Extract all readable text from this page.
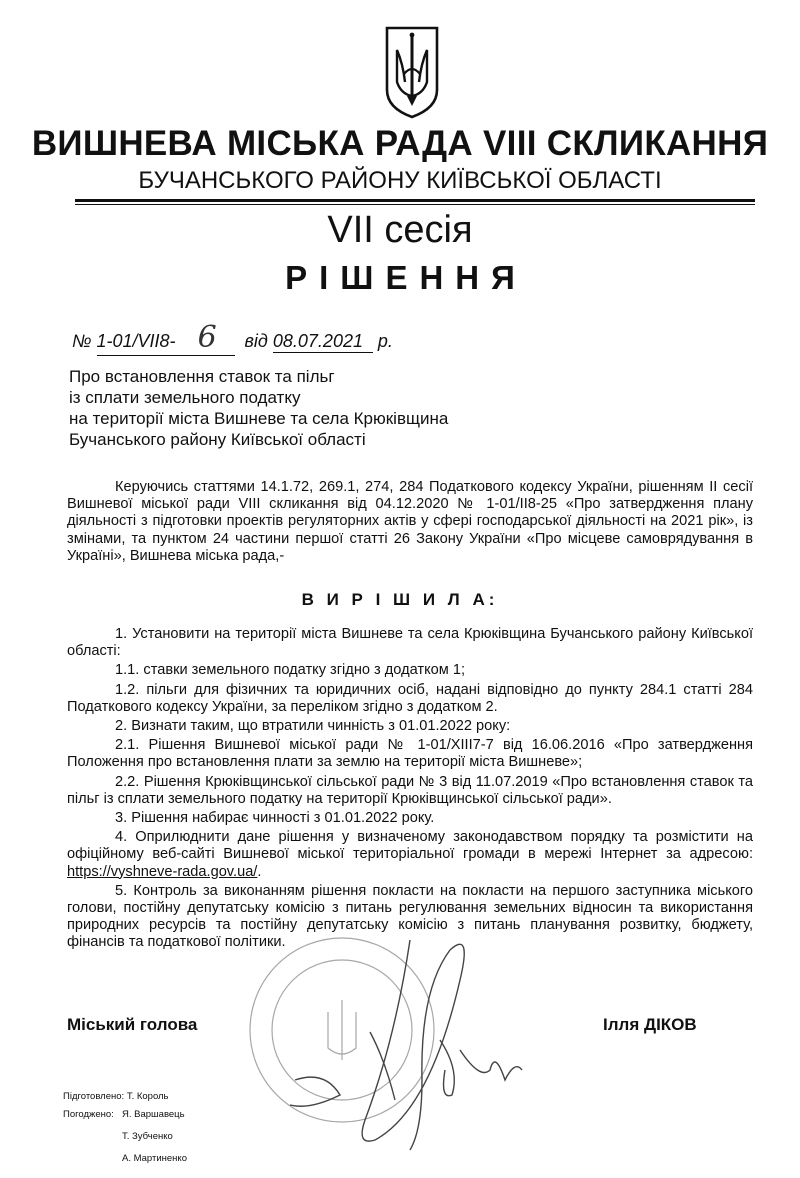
ВИШНЕВА МІСЬКА РАДА VIII СКЛИКАННЯ
БУЧАНСЬКОГО РАЙОНУ КИЇВСЬКОЇ ОБЛАСТІ
VII сесія
РІШЕННЯ
№ 1-01/VII8- 6 від 08.07.2021 р.
Про встановлення ставок та пільг
із сплати земельного податку
на території міста Вишневе та села Крюківщина
Бучанського району Київської області
Керуючись статтями 14.1.72, 269.1, 274, 284 Податкового кодексу України, рішенням ІІ сесії Вишневої міської ради VIII скликання від 04.12.2020 № 1-01/ІІ8-25 «Про затвердження плану діяльності з підготовки проектів регуляторних актів у сфері господарської діяльності на 2021 рік», із змінами, та пунктом 24 частини першої статті 26 Закону України «Про місцеве самоврядування в Україні», Вишнева міська рада,-
В И Р І Ш И Л А:

1. Установити на території міста Вишневе та села Крюківщина Бучанського району Київської області:

1.1. ставки земельного податку згідно з додатком 1;

1.2. пільги для фізичних та юридичних осіб, надані відповідно до пункту 284.1 статті 284 Податкового кодексу України, за переліком згідно з додатком 2.

2. Визнати таким, що втратили чинність з 01.01.2022 року:

2.1. Рішення Вишневої міської ради № 1-01/XIII7-7 від 16.06.2016 «Про затвердження Положення про встановлення плати за землю на території міста Вишневе»;

2.2. Рішення Крюківщинської сільської ради № 3 від 11.07.2019 «Про встановлення ставок та пільг із сплати земельного податку на території Крюківщинської сільської ради».

3. Рішення набирає чинності з 01.01.2022 року.

4. Оприлюднити дане рішення у визначеному законодавством порядку та розмістити на офіційному веб-сайті Вишневої міської територіальної громади в мережі Інтернет за адресою: https://vyshneve-rada.gov.ua/.

5. Контроль за виконанням рішення покласти на покласти на першого заступника міського голови, постійну депутатську комісію з питань регулювання земельних відносин та використання природних ресурсів та постійну депутатську комісію з питань планування розвитку, бюджету, фінансів та податкової політики.

Міський голова	Ілля ДІКОВ
Підготовлено: Т. Король
Погоджено: Я. Варшавець
Т. Зубченко
А. Мартиненко
